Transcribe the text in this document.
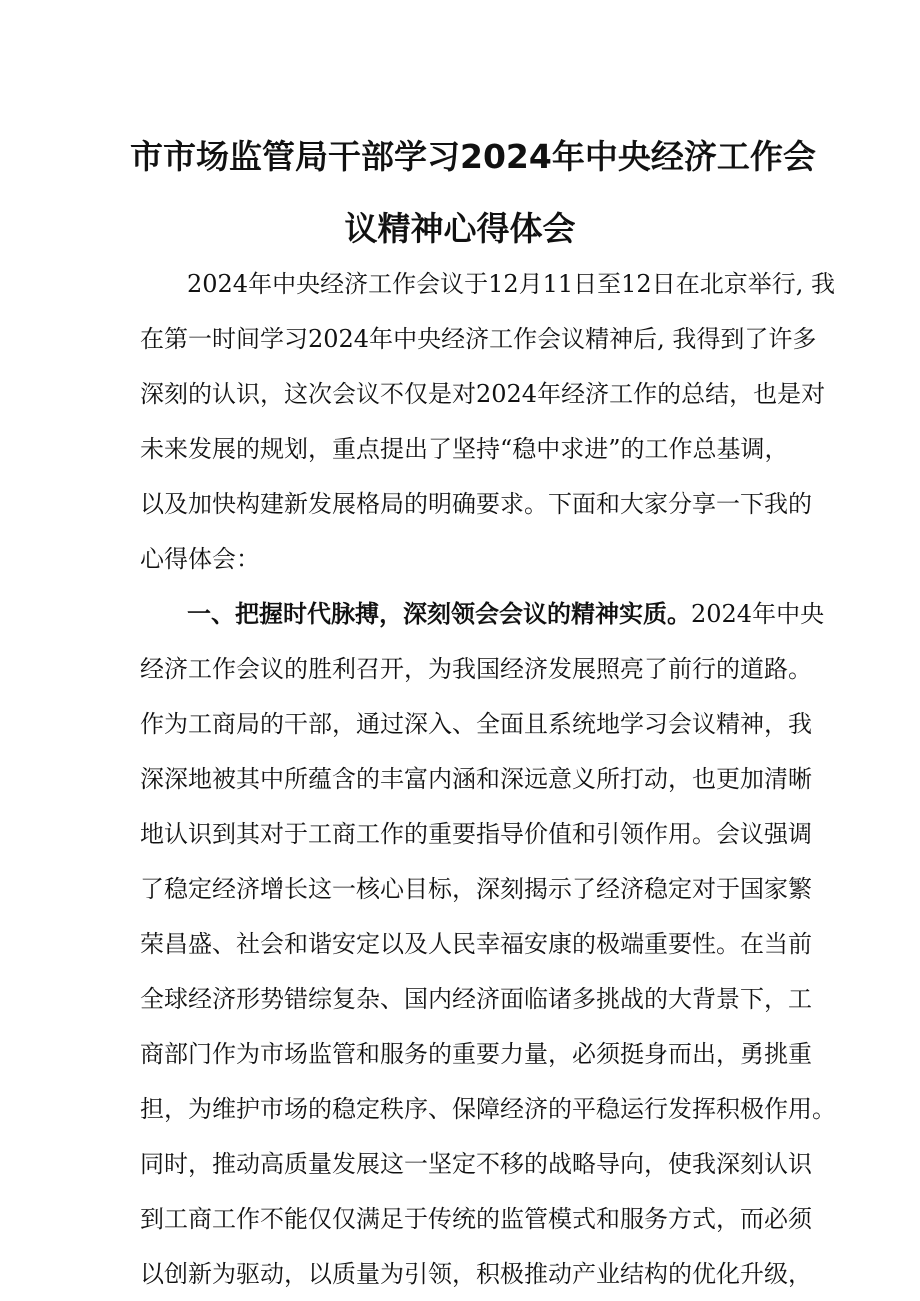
市市场监管局干部学习2024年中央经济工作会
议精神心得体会
2024年中央经济工作会议于12月11日至12日在北京举行, 我
在第一时间学习2024年中央经济工作会议精神后, 我得到了许多
深刻的认识，这次会议不仅是对2024年经济工作的总结，也是对
未来发展的规划，重点提出了坚持“稳中求进”的工作总基调，
以及加快构建新发展格局的明确要求。下面和大家分享一下我的
心得体会：
一、把握时代脉搏，深刻领会会议的精神实质。2024年中央
经济工作会议的胜利召开，为我国经济发展照亮了前行的道路。
作为工商局的干部，通过深入、全面且系统地学习会议精神，我
深深地被其中所蕴含的丰富内涵和深远意义所打动，也更加清晰
地认识到其对于工商工作的重要指导价值和引领作用。会议强调
了稳定经济增长这一核心目标，深刻揭示了经济稳定对于国家繁
荣昌盛、社会和谐安定以及人民幸福安康的极端重要性。在当前
全球经济形势错综复杂、国内经济面临诸多挑战的大背景下，工
商部门作为市场监管和服务的重要力量，必须挺身而出，勇挑重
担，为维护市场的稳定秩序、保障经济的平稳运行发挥积极作用。
同时，推动高质量发展这一坚定不移的战略导向，使我深刻认识
到工商工作不能仅仅满足于传统的监管模式和服务方式，而必须
以创新为驱动，以质量为引领，积极推动产业结构的优化升级，
